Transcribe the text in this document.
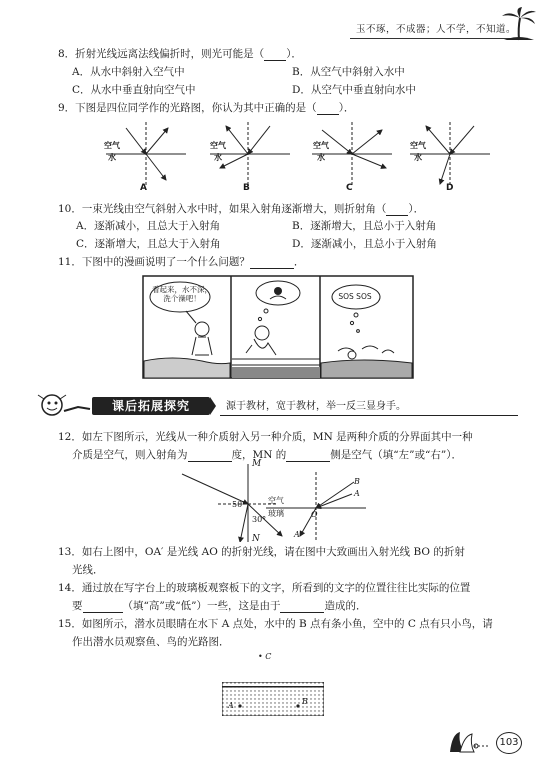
玉不琢，不成器；人不学，不知道。
8．折射光线远离法线偏折时，则光可能是（ ）．
A．从水中斜射入空气中	B．从空气中斜射入水中
C．从水中垂直射向空气中	D．从空气中垂直射向水中
9．下图是四位同学作的光路图，你认为其中正确的是（ ）．
空气
水
空气
水
空气
水
空气
水
A	B	C	D
10．一束光线由空气斜射入水中时，如果入射角逐渐增大，则折射角（ ）．
A．逐渐减小，且总大于入射角	B．逐渐增大，且总小于入射角
C．逐渐增大，且总大于入射角	D．逐渐减小，且总小于入射角
11．下图中的漫画说明了一个什么问题？	．
看起来，水不深，洗个澡吧！	SOS SOS
课后拓展探究	源于教材，宽于教材，举一反三显身手。
12．如左下图所示，光线从一种介质射入另一种介质，MN 是两种介质的分界面其中一种
介质是空气，则入射角为	度，MN 的	侧是空气（填“左”或“右”）．
M
N
50°
30°
空气
玻璃
B
A
O
A′
13．如右上图中，OA′ 是光线 AO 的折射光线，请在图中大致画出入射光线 BO 的折射
光线．
14．通过放在写字台上的玻璃板观察板下的文字，所看到的文字的位置往往比实际的位置
要	（填“高”或“低”）一些，这是由于	造成的．
15．如图所示，潜水员眼睛在水下 A 点处，水中的 B 点有条小鱼，空中的 C 点有只小鸟，请
作出潜水员观察鱼、鸟的光路图．
• C
A	B
103
